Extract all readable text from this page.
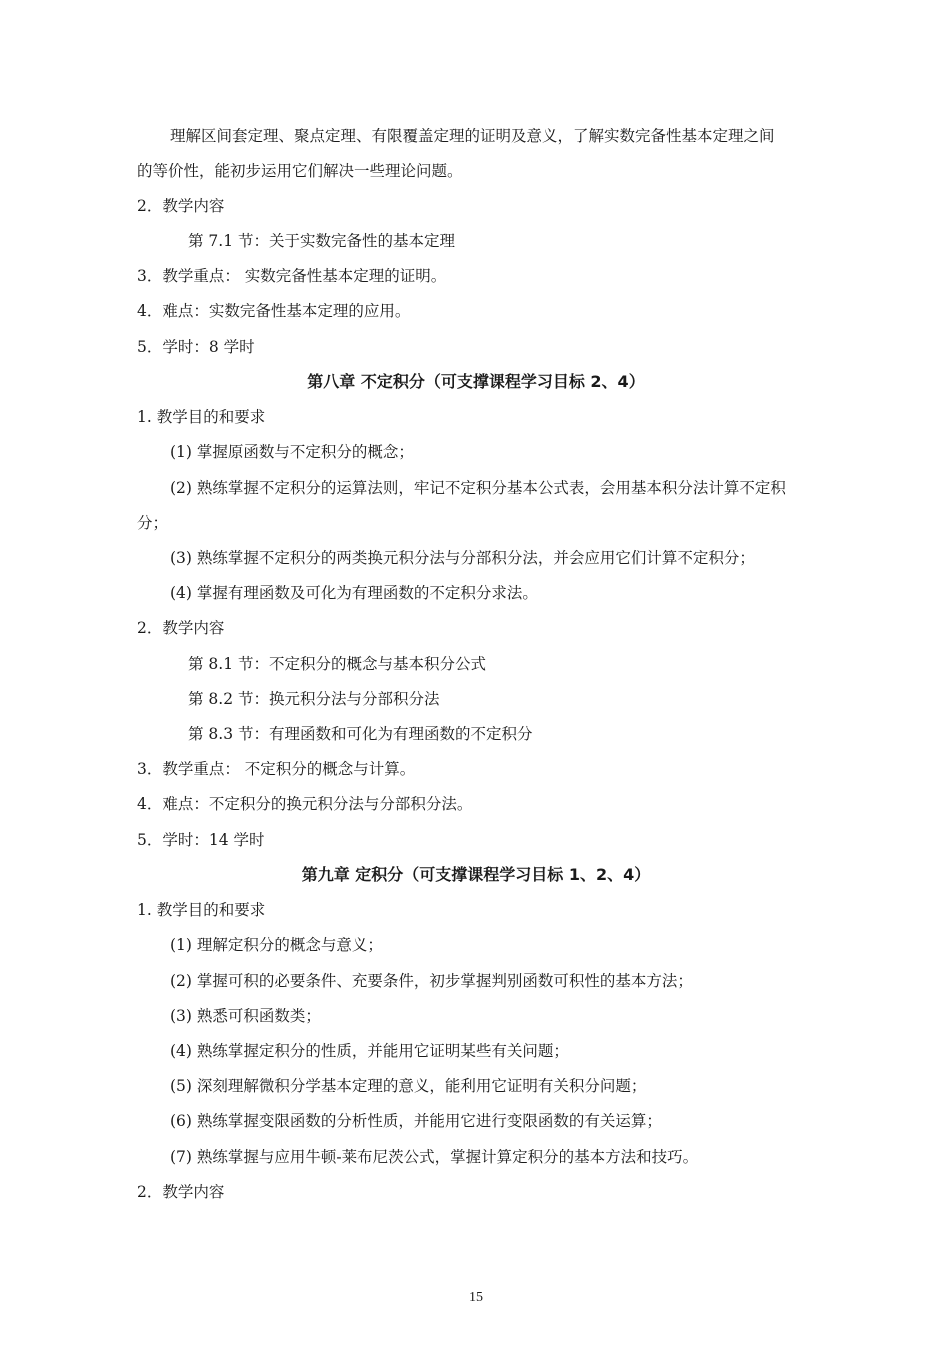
理解区间套定理、聚点定理、有限覆盖定理的证明及意义，了解实数完备性基本定理之间
的等价性，能初步运用它们解决一些理论问题。
2．教学内容
第 7.1 节：关于实数完备性的基本定理
3．教学重点： 实数完备性基本定理的证明。
4．难点：实数完备性基本定理的应用。
5．学时：8 学时
第八章 不定积分（可支撑课程学习目标 2、4）
1. 教学目的和要求
(1) 掌握原函数与不定积分的概念；
(2) 熟练掌握不定积分的运算法则，牢记不定积分基本公式表，会用基本积分法计算不定积
分；
(3) 熟练掌握不定积分的两类换元积分法与分部积分法，并会应用它们计算不定积分；
(4) 掌握有理函数及可化为有理函数的不定积分求法。
2．教学内容
第 8.1 节：不定积分的概念与基本积分公式
第 8.2 节：换元积分法与分部积分法
第 8.3 节：有理函数和可化为有理函数的不定积分
3．教学重点： 不定积分的概念与计算。
4．难点：不定积分的换元积分法与分部积分法。
5．学时：14 学时
第九章 定积分（可支撑课程学习目标 1、2、4）
1. 教学目的和要求
(1) 理解定积分的概念与意义；
(2) 掌握可积的必要条件、充要条件，初步掌握判别函数可积性的基本方法；
(3) 熟悉可积函数类；
(4) 熟练掌握定积分的性质，并能用它证明某些有关问题；
(5) 深刻理解微积分学基本定理的意义，能利用它证明有关积分问题；
(6) 熟练掌握变限函数的分析性质，并能用它进行变限函数的有关运算；
(7) 熟练掌握与应用牛顿-莱布尼茨公式，掌握计算定积分的基本方法和技巧。
2．教学内容
15
